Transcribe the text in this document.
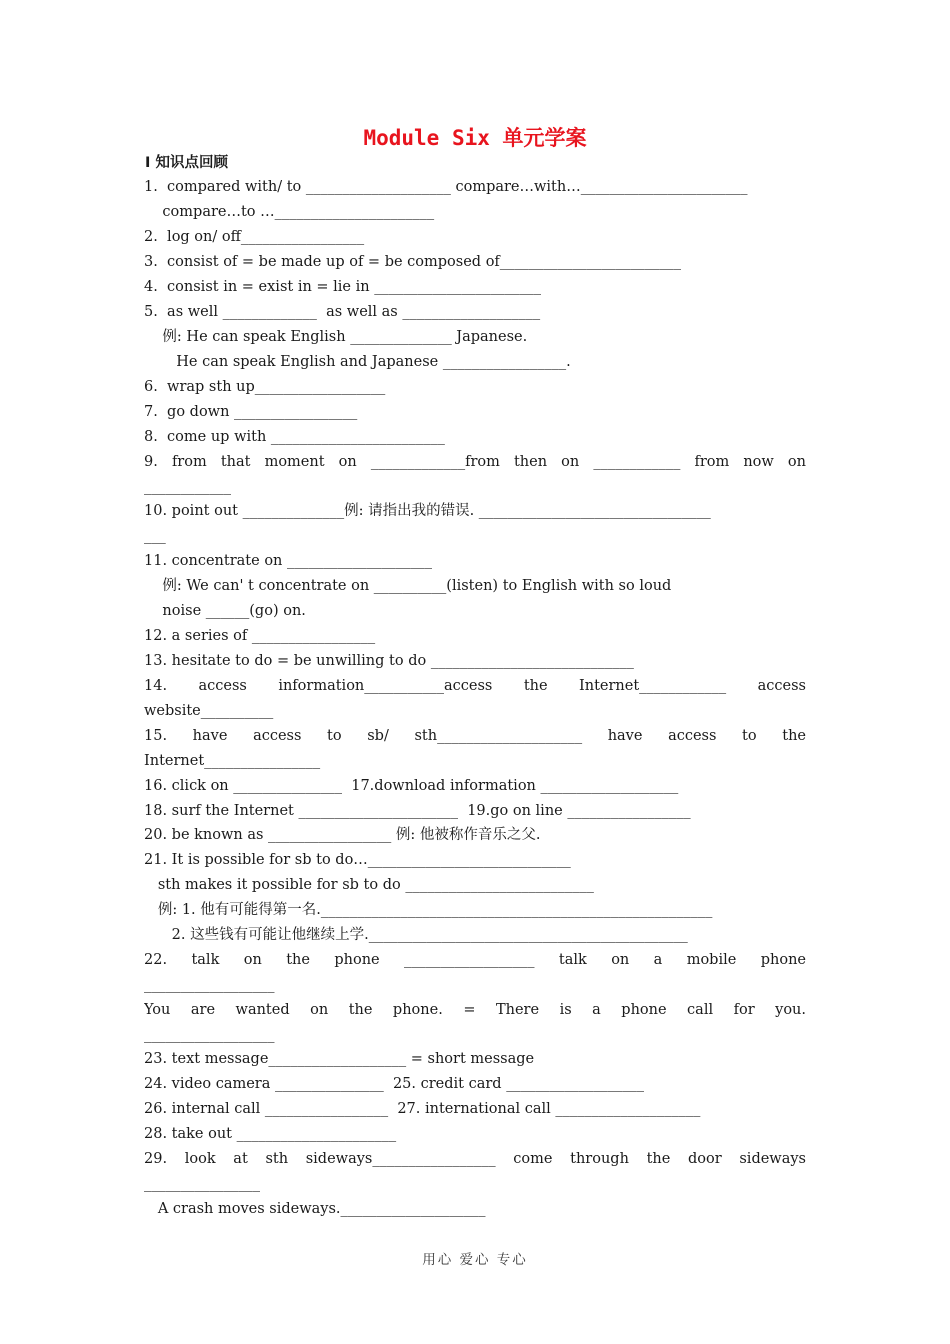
Module Six 单元学案
Ⅰ 知识点回顾
1.  compared with/ to ____________________ compare…with…_______________________
compare…to …______________________
2.  log on/ off_________________
3.  consist of = be made up of = be composed of_________________________
4.  consist in = exist in = lie in _______________________
5.  as well _____________  as well as ___________________
例: He can speak English ______________ Japanese.
He can speak English and Japanese _________________.
6.  wrap sth up__________________
7.  go down _________________
8.  come up with ________________________
9. from that moment on _____________from then on ____________ from now on
____________
10. point out ______________例: 请指出我的错误. ________________________________
___
11. concentrate on ____________________
例: We can' t concentrate on __________(listen) to English with so loud
noise ______(go) on.
12. a series of _________________
13. hesitate to do = be unwilling to do ____________________________
14. access information___________access the Internet____________ access
website__________
15. have access to sb/ sth____________________ have access to the
Internet________________
16. click on _______________  17.download information ___________________
18. surf the Internet ______________________  19.go on line _________________
20. be known as _________________ 例: 他被称作音乐之父.
21. It is possible for sb to do…____________________________
sth makes it possible for sb to do __________________________
例: 1. 他有可能得第一名.______________________________________________________
2. 这些钱有可能让他继续上学.____________________________________________
22. talk on the phone __________________ talk on a mobile phone
__________________
You are wanted on the phone. = There is a phone call for you.
__________________
23. text message___________________ = short message
24. video camera _______________  25. credit card ___________________
26. internal call _________________  27. international call ____________________
28. take out ______________________
29. look at sth sideways_________________ come through the door sideways
________________
A crash moves sideways.____________________
用心 爱心 专心
